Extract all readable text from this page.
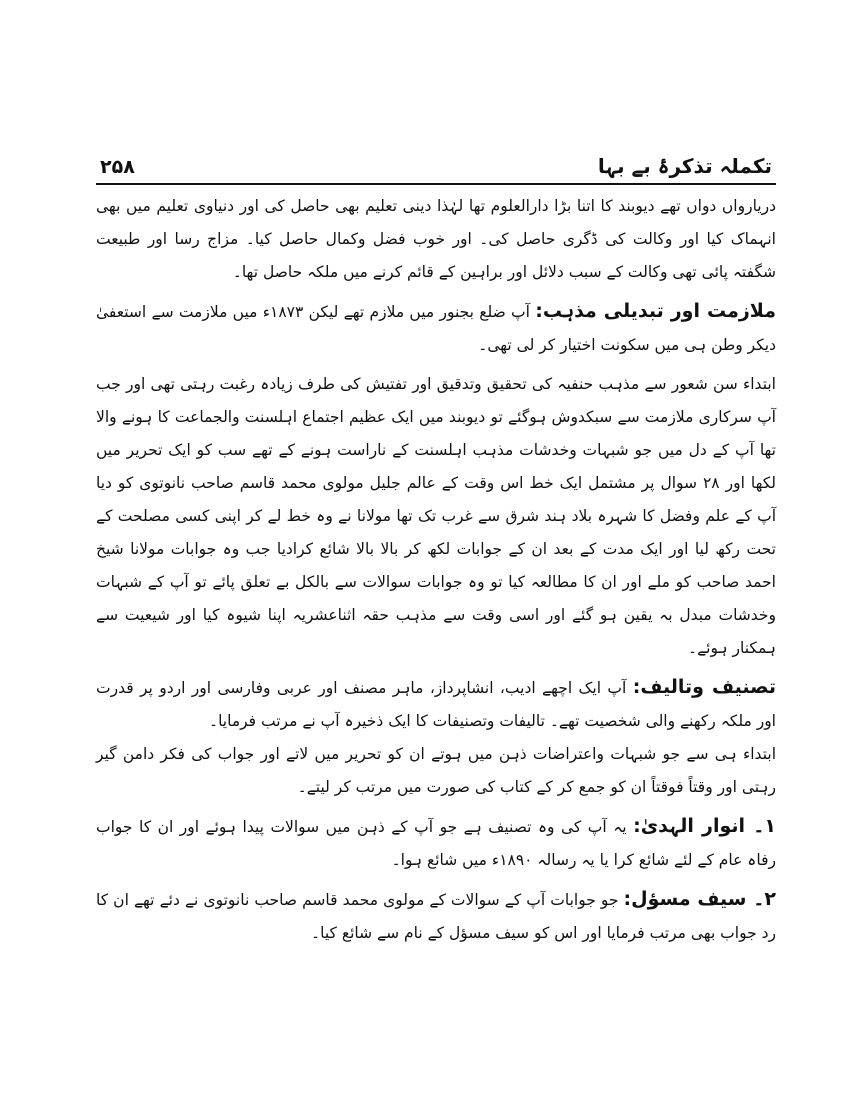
۲۵۸	تکملہ تذکرۂ بے بہا

دریارواں دواں تھے دیوبند کا اتنا بڑا دارالعلوم تھا لہٰذا دینی تعلیم بھی حاصل کی اور دنیاوی تعلیم میں بھی انہماک کیا اور وکالت کی ڈگری حاصل کی۔ اور خوب فضل وکمال حاصل کیا۔ مزاج رسا اور طبیعت شگفتہ پائی تھی وکالت کے سبب دلائل اور براہین کے قائم کرنے میں ملکہ حاصل تھا۔

ملازمت اور تبدیلی مذہب: آپ ضلع بجنور میں ملازم تھے لیکن ۱۸۷۳ء میں ملازمت سے استعفیٰ دیکر وطن ہی میں سکونت اختیار کر لی تھی۔

ابتداء سن شعور سے مذہب حنفیہ کی تحقیق وتدقیق اور تفتیش کی طرف زیادہ رغبت رہتی تھی اور جب آپ سرکاری ملازمت سے سبکدوش ہوگئے تو دیوبند میں ایک عظیم اجتماع اہلسنت والجماعت کا ہونے والا تھا آپ کے دل میں جو شبہات وخدشات مذہب اہلسنت کے ناراست ہونے کے تھے سب کو ایک تحریر میں لکھا اور ۲۸ سوال پر مشتمل ایک خط اس وقت کے عالم جلیل مولوی محمد قاسم صاحب نانوتوی کو دیا آپ کے علم وفضل کا شہرہ بلاد ہند شرق سے غرب تک تھا مولانا نے وہ خط لے کر اپنی کسی مصلحت کے تحت رکھ لیا اور ایک مدت کے بعد ان کے جوابات لکھ کر بالا بالا شائع کرادیا جب وہ جوابات مولانا شیخ احمد صاحب کو ملے اور ان کا مطالعہ کیا تو وہ جوابات سوالات سے بالکل بے تعلق پائے تو آپ کے شبہات وخدشات مبدل بہ یقین ہو گئے اور اسی وقت سے مذہب حقہ اثناعشریہ اپنا شیوہ کیا اور شیعیت سے ہمکنار ہوئے۔

تصنیف وتالیف: آپ ایک اچھے ادیب، انشاپرداز، ماہر مصنف اور عربی وفارسی اور اردو پر قدرت اور ملکہ رکھنے والی شخصیت تھے۔ تالیفات وتصنیفات کا ایک ذخیرہ آپ نے مرتب فرمایا۔

ابتداء ہی سے جو شبہات واعتراضات ذہن میں ہوتے ان کو تحریر میں لاتے اور جواب کی فکر دامن گیر رہتی اور وقتاً فوقتاً ان کو جمع کر کے کتاب کی صورت میں مرتب کر لیتے۔

۱۔ انوار الہدیٰ: یہ آپ کی وہ تصنیف ہے جو آپ کے ذہن میں سوالات پیدا ہوئے اور ان کا جواب رفاہ عام کے لئے شائع کرا یا یہ رسالہ ۱۸۹۰ء میں شائع ہوا۔

۲۔ سیف مسؤل: جو جوابات آپ کے سوالات کے مولوی محمد قاسم صاحب نانوتوی نے دئے تھے ان کا رد جواب بھی مرتب فرمایا اور اس کو سیف مسؤل کے نام سے شائع کیا۔
